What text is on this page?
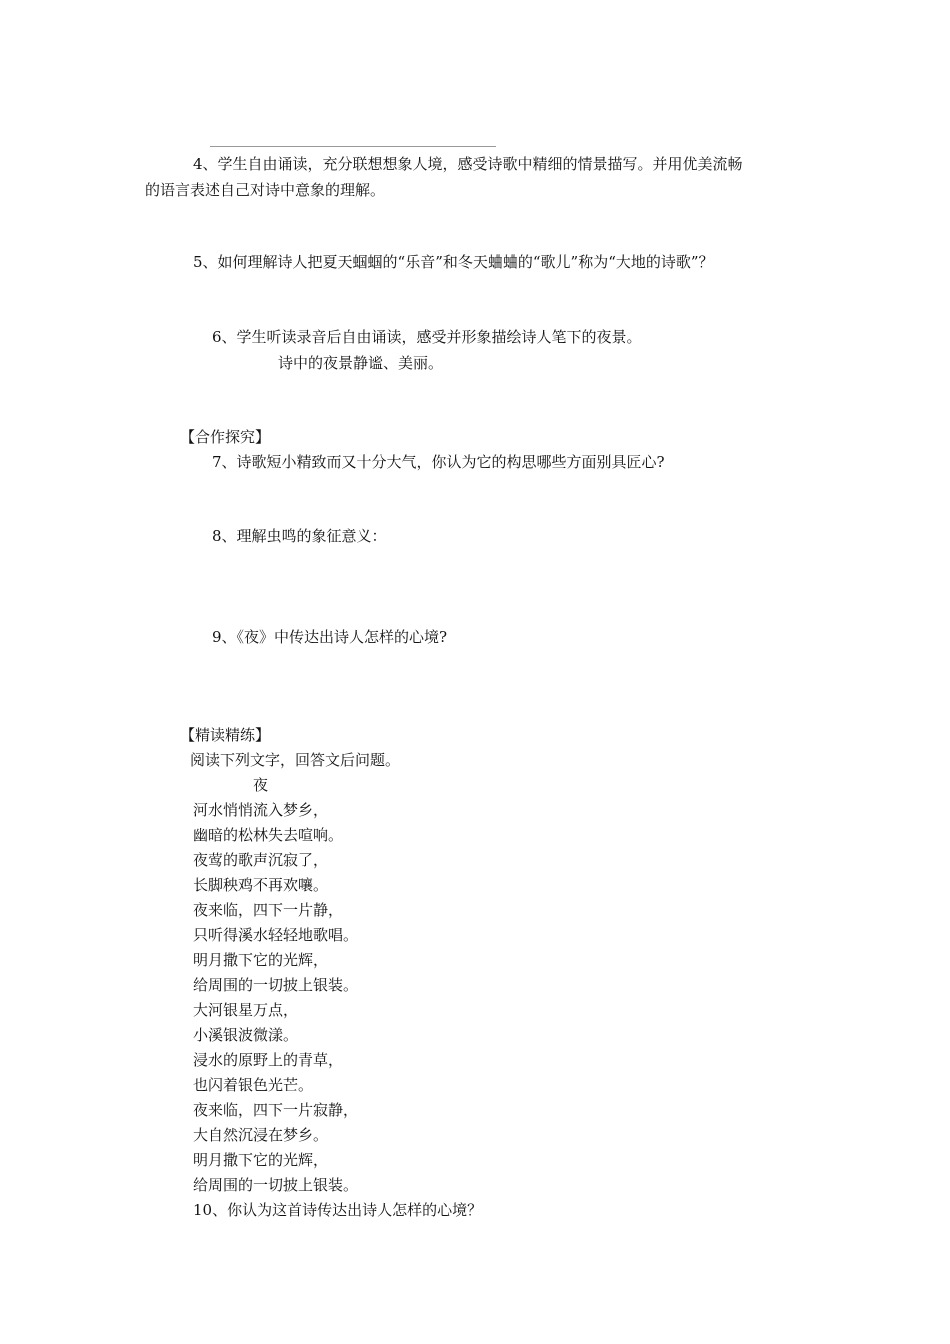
4、学生自由诵读，充分联想想象人境，感受诗歌中精细的情景描写。并用优美流畅
的语言表述自己对诗中意象的理解。
5、如何理解诗人把夏天蝈蝈的“乐音”和冬天蛐蛐的“歌儿”称为“大地的诗歌”？
6、学生听读录音后自由诵读，感受并形象描绘诗人笔下的夜景。
诗中的夜景静谧、美丽。
【合作探究】
7、诗歌短小精致而又十分大气，你认为它的构思哪些方面别具匠心?
8、理解虫鸣的象征意义：
9、《夜》中传达出诗人怎样的心境?
【精读精练】
阅读下列文字，回答文后问题。
夜
河水悄悄流入梦乡，
幽暗的松林失去喧响。
夜莺的歌声沉寂了，
长脚秧鸡不再欢嚷。
夜来临，四下一片静，
只听得溪水轻轻地歌唱。
明月撒下它的光辉，
给周围的一切披上银装。
大河银星万点，
小溪银波微漾。
浸水的原野上的青草，
也闪着银色光芒。
夜来临，四下一片寂静，
大自然沉浸在梦乡。
明月撒下它的光辉，
给周围的一切披上银装。
10、你认为这首诗传达出诗人怎样的心境？
